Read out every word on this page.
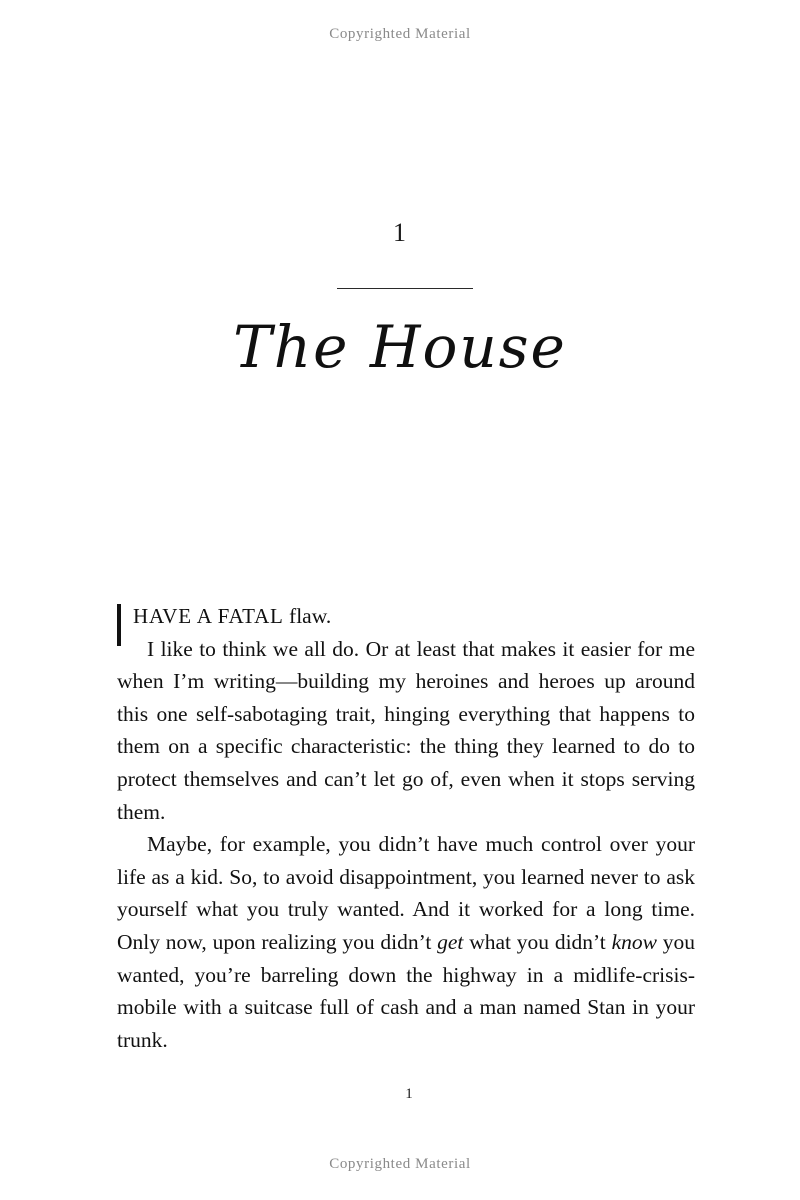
Copyrighted Material
1
The House

HAVE A FATAL flaw.

I like to think we all do. Or at least that makes it easier for me when I’m writing—building my heroines and heroes up around this one self-sabotaging trait, hinging everything that happens to them on a specific characteristic: the thing they learned to do to protect themselves and can’t let go of, even when it stops serving them.

Maybe, for example, you didn’t have much control over your life as a kid. So, to avoid disappointment, you learned never to ask yourself what you truly wanted. And it worked for a long time. Only now, upon realizing you didn’t get what you didn’t know you wanted, you’re barreling down the highway in a midlife-crisis-mobile with a suitcase full of cash and a man named Stan in your trunk.

1
Copyrighted Material
